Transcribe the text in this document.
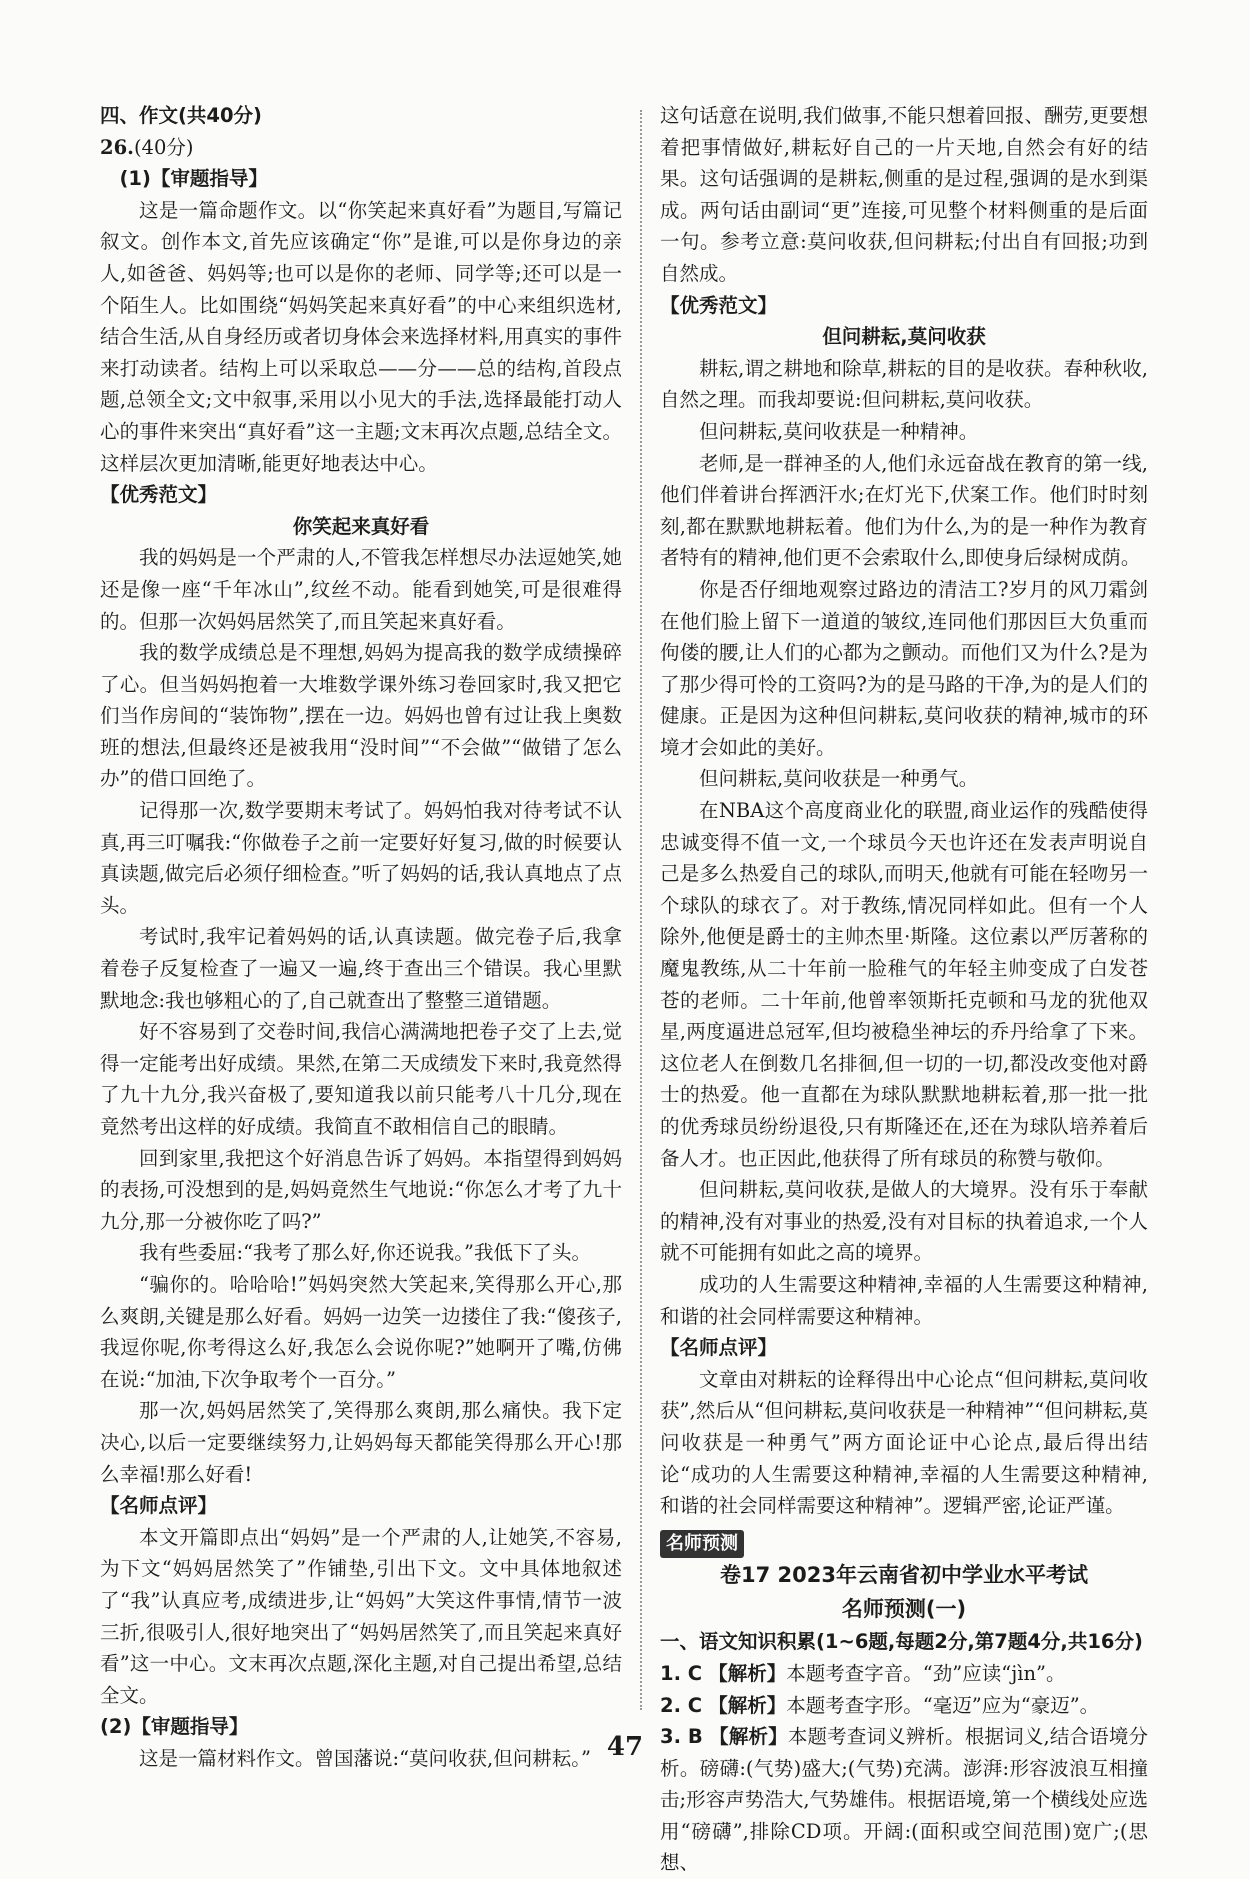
四、作文(共40分)

26.(40分)

(1)【审题指导】

这是一篇命题作文。以“你笑起来真好看”为题目,写篇记叙文。创作本文,首先应该确定“你”是谁,可以是你身边的亲人,如爸爸、妈妈等;也可以是你的老师、同学等;还可以是一个陌生人。比如围绕“妈妈笑起来真好看”的中心来组织选材,结合生活,从自身经历或者切身体会来选择材料,用真实的事件来打动读者。结构上可以采取总——分——总的结构,首段点题,总领全文;文中叙事,采用以小见大的手法,选择最能打动人心的事件来突出“真好看”这一主题;文末再次点题,总结全文。这样层次更加清晰,能更好地表达中心。

【优秀范文】

你笑起来真好看

我的妈妈是一个严肃的人,不管我怎样想尽办法逗她笑,她还是像一座“千年冰山”,纹丝不动。能看到她笑,可是很难得的。但那一次妈妈居然笑了,而且笑起来真好看。

我的数学成绩总是不理想,妈妈为提高我的数学成绩操碎了心。但当妈妈抱着一大堆数学课外练习卷回家时,我又把它们当作房间的“装饰物”,摆在一边。妈妈也曾有过让我上奥数班的想法,但最终还是被我用“没时间”“不会做”“做错了怎么办”的借口回绝了。

记得那一次,数学要期末考试了。妈妈怕我对待考试不认真,再三叮嘱我:“你做卷子之前一定要好好复习,做的时候要认真读题,做完后必须仔细检查。”听了妈妈的话,我认真地点了点头。

考试时,我牢记着妈妈的话,认真读题。做完卷子后,我拿着卷子反复检查了一遍又一遍,终于查出三个错误。我心里默默地念:我也够粗心的了,自己就查出了整整三道错题。

好不容易到了交卷时间,我信心满满地把卷子交了上去,觉得一定能考出好成绩。果然,在第二天成绩发下来时,我竟然得了九十九分,我兴奋极了,要知道我以前只能考八十几分,现在竟然考出这样的好成绩。我简直不敢相信自己的眼睛。

回到家里,我把这个好消息告诉了妈妈。本指望得到妈妈的表扬,可没想到的是,妈妈竟然生气地说:“你怎么才考了九十九分,那一分被你吃了吗?”

我有些委屈:“我考了那么好,你还说我。”我低下了头。

“骗你的。哈哈哈!”妈妈突然大笑起来,笑得那么开心,那么爽朗,关键是那么好看。妈妈一边笑一边搂住了我:“傻孩子,我逗你呢,你考得这么好,我怎么会说你呢?”她啊开了嘴,仿佛在说:“加油,下次争取考个一百分。”

那一次,妈妈居然笑了,笑得那么爽朗,那么痛快。我下定决心,以后一定要继续努力,让妈妈每天都能笑得那么开心!那么幸福!那么好看!

【名师点评】

本文开篇即点出“妈妈”是一个严肃的人,让她笑,不容易,为下文“妈妈居然笑了”作铺垫,引出下文。文中具体地叙述了“我”认真应考,成绩进步,让“妈妈”大笑这件事情,情节一波三折,很吸引人,很好地突出了“妈妈居然笑了,而且笑起来真好看”这一中心。文末再次点题,深化主题,对自己提出希望,总结全文。

(2)【审题指导】

这是一篇材料作文。曾国藩说:“莫问收获,但问耕耘。”

这句话意在说明,我们做事,不能只想着回报、酬劳,更要想着把事情做好,耕耘好自己的一片天地,自然会有好的结果。这句话强调的是耕耘,侧重的是过程,强调的是水到渠成。两句话由副词“更”连接,可见整个材料侧重的是后面一句。参考立意:莫问收获,但问耕耘;付出自有回报;功到自然成。

【优秀范文】

但问耕耘,莫问收获

耕耘,谓之耕地和除草,耕耘的目的是收获。春种秋收,自然之理。而我却要说:但问耕耘,莫问收获。

但问耕耘,莫问收获是一种精神。

老师,是一群神圣的人,他们永远奋战在教育的第一线,他们伴着讲台挥洒汗水;在灯光下,伏案工作。他们时时刻刻,都在默默地耕耘着。他们为什么,为的是一种作为教育者特有的精神,他们更不会索取什么,即使身后绿树成荫。

你是否仔细地观察过路边的清洁工?岁月的风刀霜剑在他们脸上留下一道道的皱纹,连同他们那因巨大负重而佝偻的腰,让人们的心都为之颤动。而他们又为什么?是为了那少得可怜的工资吗?为的是马路的干净,为的是人们的健康。正是因为这种但问耕耘,莫问收获的精神,城市的环境才会如此的美好。

但问耕耘,莫问收获是一种勇气。

在NBA这个高度商业化的联盟,商业运作的残酷使得忠诚变得不值一文,一个球员今天也许还在发表声明说自己是多么热爱自己的球队,而明天,他就有可能在轻吻另一个球队的球衣了。对于教练,情况同样如此。但有一个人除外,他便是爵士的主帅杰里·斯隆。这位素以严厉著称的魔鬼教练,从二十年前一脸稚气的年轻主帅变成了白发苍苍的老师。二十年前,他曾率领斯托克顿和马龙的犹他双星,两度逼进总冠军,但均被稳坐神坛的乔丹给拿了下来。这位老人在倒数几名排徊,但一切的一切,都没改变他对爵士的热爱。他一直都在为球队默默地耕耘着,那一批一批的优秀球员纷纷退役,只有斯隆还在,还在为球队培养着后备人才。也正因此,他获得了所有球员的称赞与敬仰。

但问耕耘,莫问收获,是做人的大境界。没有乐于奉献的精神,没有对事业的热爱,没有对目标的执着追求,一个人就不可能拥有如此之高的境界。

成功的人生需要这种精神,幸福的人生需要这种精神,和谐的社会同样需要这种精神。

【名师点评】

文章由对耕耘的诠释得出中心论点“但问耕耘,莫问收获”,然后从“但问耕耘,莫问收获是一种精神”“但问耕耘,莫问收获是一种勇气”两方面论证中心论点,最后得出结论“成功的人生需要这种精神,幸福的人生需要这种精神,和谐的社会同样需要这种精神”。逻辑严密,论证严谨。

名师预测

卷17 2023年云南省初中学业水平考试

名师预测(一)

一、语文知识积累(1~6题,每题2分,第7题4分,共16分)

1. C 【解析】本题考查字音。“劲”应读“jìn”。

2. C 【解析】本题考查字形。“毫迈”应为“豪迈”。

3. B 【解析】本题考查词义辨析。根据词义,结合语境分析。磅礴:(气势)盛大;(气势)充满。澎湃:形容波浪互相撞击;形容声势浩大,气势雄伟。根据语境,第一个横线处应选用“磅礴”,排除CD项。开阔:(面积或空间范围)宽广;(思想、

47
